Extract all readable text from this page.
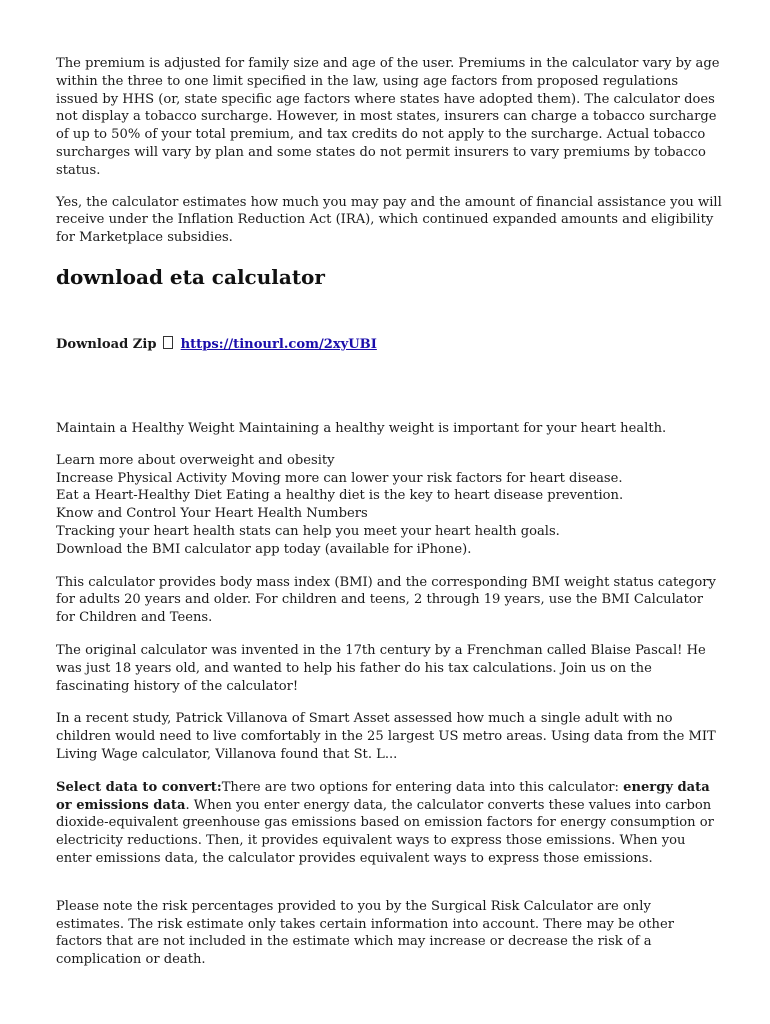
The premium is adjusted for family size and age of the user. Premiums in the calculator vary by age within the three to one limit specified in the law, using age factors from proposed regulations issued by HHS (or, state specific age factors where states have adopted them). The calculator does not display a tobacco surcharge. However, in most states, insurers can charge a tobacco surcharge of up to 50% of your total premium, and tax credits do not apply to the surcharge. Actual tobacco surcharges will vary by plan and some states do not permit insurers to vary premiums by tobacco status.

Yes, the calculator estimates how much you may pay and the amount of financial assistance you will receive under the Inflation Reduction Act (IRA), which continued expanded amounts and eligibility for Marketplace subsidies.

download eta calculator
Download Zip https://tinourl.com/2xyUBI

Maintain a Healthy Weight Maintaining a healthy weight is important for your heart health.

Learn more about overweight and obesity

Increase Physical Activity Moving more can lower your risk factors for heart disease.

Eat a Heart-Healthy Diet Eating a healthy diet is the key to heart disease prevention.

Know and Control Your Heart Health Numbers

Tracking your heart health stats can help you meet your heart health goals.

Download the BMI calculator app today (available for iPhone).

This calculator provides body mass index (BMI) and the corresponding BMI weight status category for adults 20 years and older. For children and teens, 2 through 19 years, use the BMI Calculator for Children and Teens.

The original calculator was invented in the 17th century by a Frenchman called Blaise Pascal! He was just 18 years old, and wanted to help his father do his tax calculations. Join us on the fascinating history of the calculator!

In a recent study, Patrick Villanova of Smart Asset assessed how much a single adult with no children would need to live comfortably in the 25 largest US metro areas. Using data from the MIT Living Wage calculator, Villanova found that St. L...

Select data to convert:There are two options for entering data into this calculator: energy data or emissions data. When you enter energy data, the calculator converts these values into carbon dioxide-equivalent greenhouse gas emissions based on emission factors for energy consumption or electricity reductions. Then, it provides equivalent ways to express those emissions. When you enter emissions data, the calculator provides equivalent ways to express those emissions.

Please note the risk percentages provided to you by the Surgical Risk Calculator are only estimates. The risk estimate only takes certain information into account. There may be other factors that are not included in the estimate which may increase or decrease the risk of a complication or death.
